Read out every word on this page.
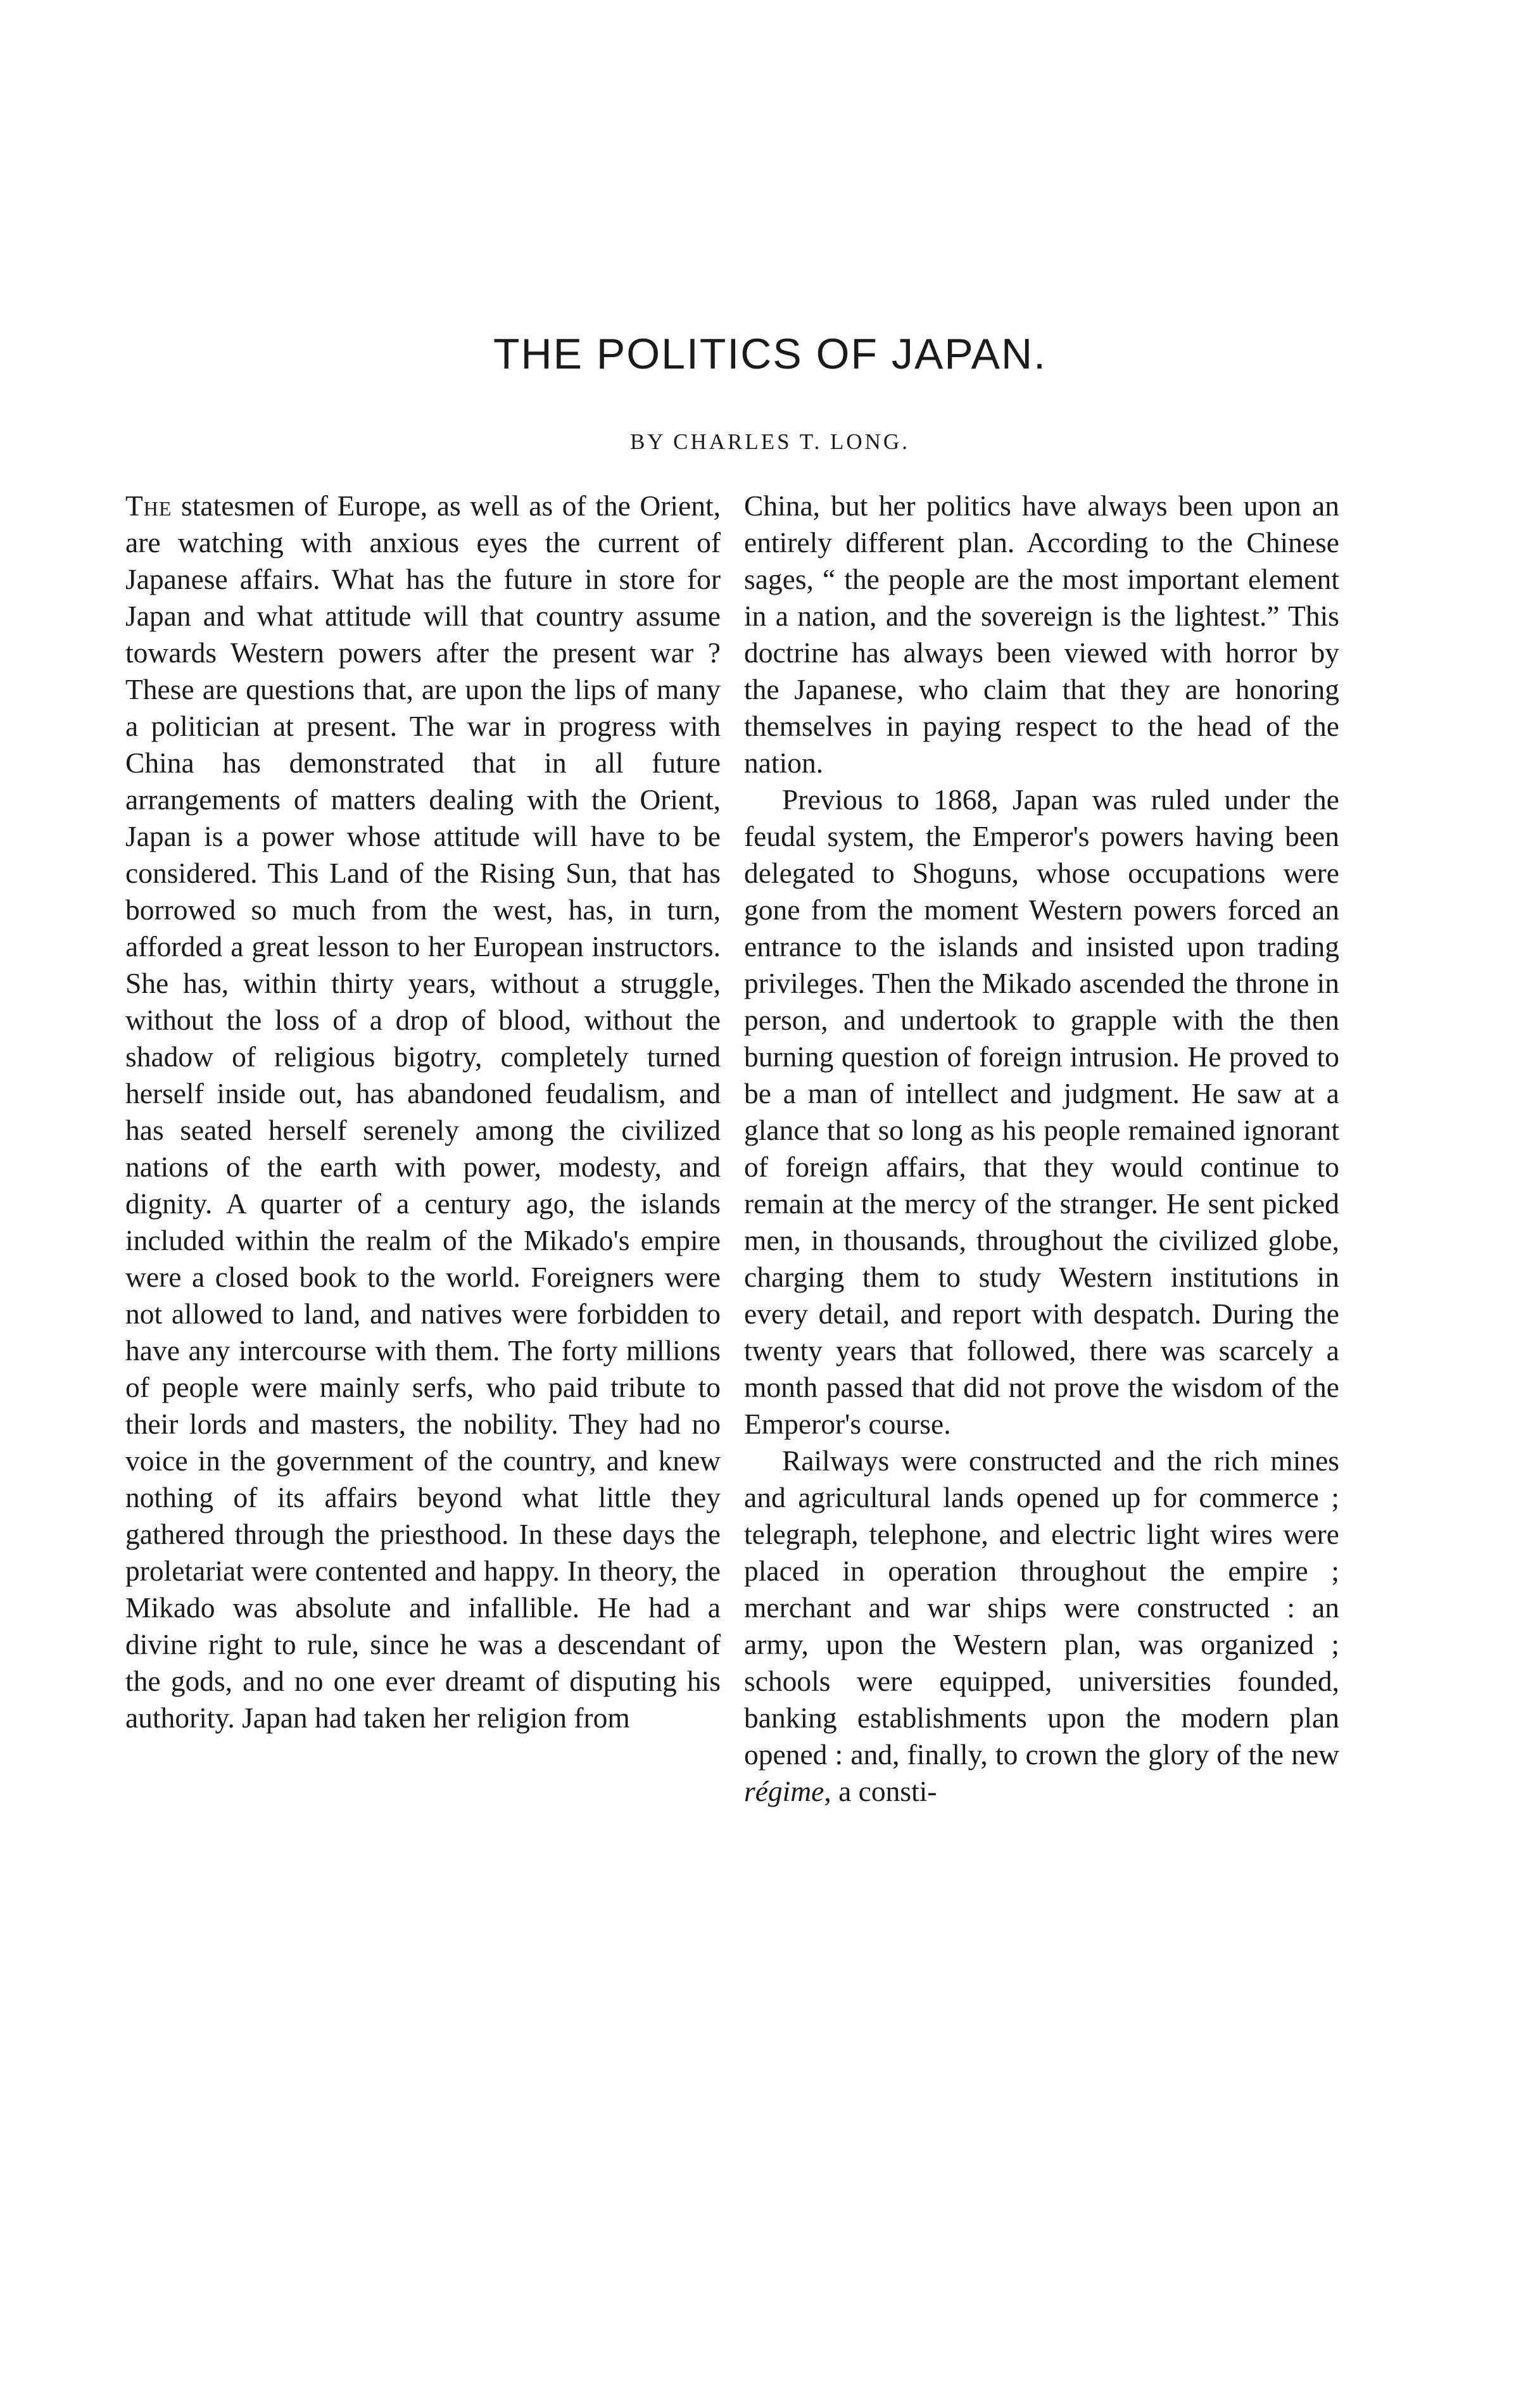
THE POLITICS OF JAPAN.
BY CHARLES T. LONG.

The statesmen of Europe, as well as of the Orient, are watching with anxious eyes the current of Japanese affairs. What has the future in store for Japan and what attitude will that country assume towards Western powers after the present war ? These are questions that, are upon the lips of many a politician at present. The war in progress with China has demonstrated that in all future arrangements of matters dealing with the Orient, Japan is a power whose attitude will have to be considered. This Land of the Rising Sun, that has borrowed so much from the west, has, in turn, afforded a great lesson to her European instructors. She has, within thirty years, without a struggle, without the loss of a drop of blood, without the shadow of religious bigotry, completely turned herself inside out, has abandoned feudalism, and has seated herself serenely among the civilized nations of the earth with power, modesty, and dignity. A quarter of a century ago, the islands included within the realm of the Mikado's empire were a closed book to the world. Foreigners were not allowed to land, and natives were forbidden to have any intercourse with them. The forty millions of people were mainly serfs, who paid tribute to their lords and masters, the nobility. They had no voice in the government of the country, and knew nothing of its affairs beyond what little they gathered through the priesthood. In these days the proletariat were contented and happy. In theory, the Mikado was absolute and infallible. He had a divine right to rule, since he was a descendant of the gods, and no one ever dreamt of disputing his authority. Japan had taken her religion from

China, but her politics have always been upon an entirely different plan. According to the Chinese sages, “ the people are the most important element in a nation, and the sovereign is the lightest.” This doctrine has always been viewed with horror by the Japanese, who claim that they are honoring themselves in paying respect to the head of the nation.

Previous to 1868, Japan was ruled under the feudal system, the Emperor's powers having been delegated to Shoguns, whose occupations were gone from the moment Western powers forced an entrance to the islands and insisted upon trading privileges. Then the Mikado ascended the throne in person, and undertook to grapple with the then burning question of foreign intrusion. He proved to be a man of intellect and judgment. He saw at a glance that so long as his people remained ignorant of foreign affairs, that they would continue to remain at the mercy of the stranger. He sent picked men, in thousands, throughout the civilized globe, charging them to study Western institutions in every detail, and report with despatch. During the twenty years that followed, there was scarcely a month passed that did not prove the wisdom of the Emperor's course.

Railways were constructed and the rich mines and agricultural lands opened up for commerce ; telegraph, telephone, and electric light wires were placed in operation throughout the empire ; merchant and war ships were constructed : an army, upon the Western plan, was organized ; schools were equipped, universities founded, banking establishments upon the modern plan opened : and, finally, to crown the glory of the new régime, a consti-
